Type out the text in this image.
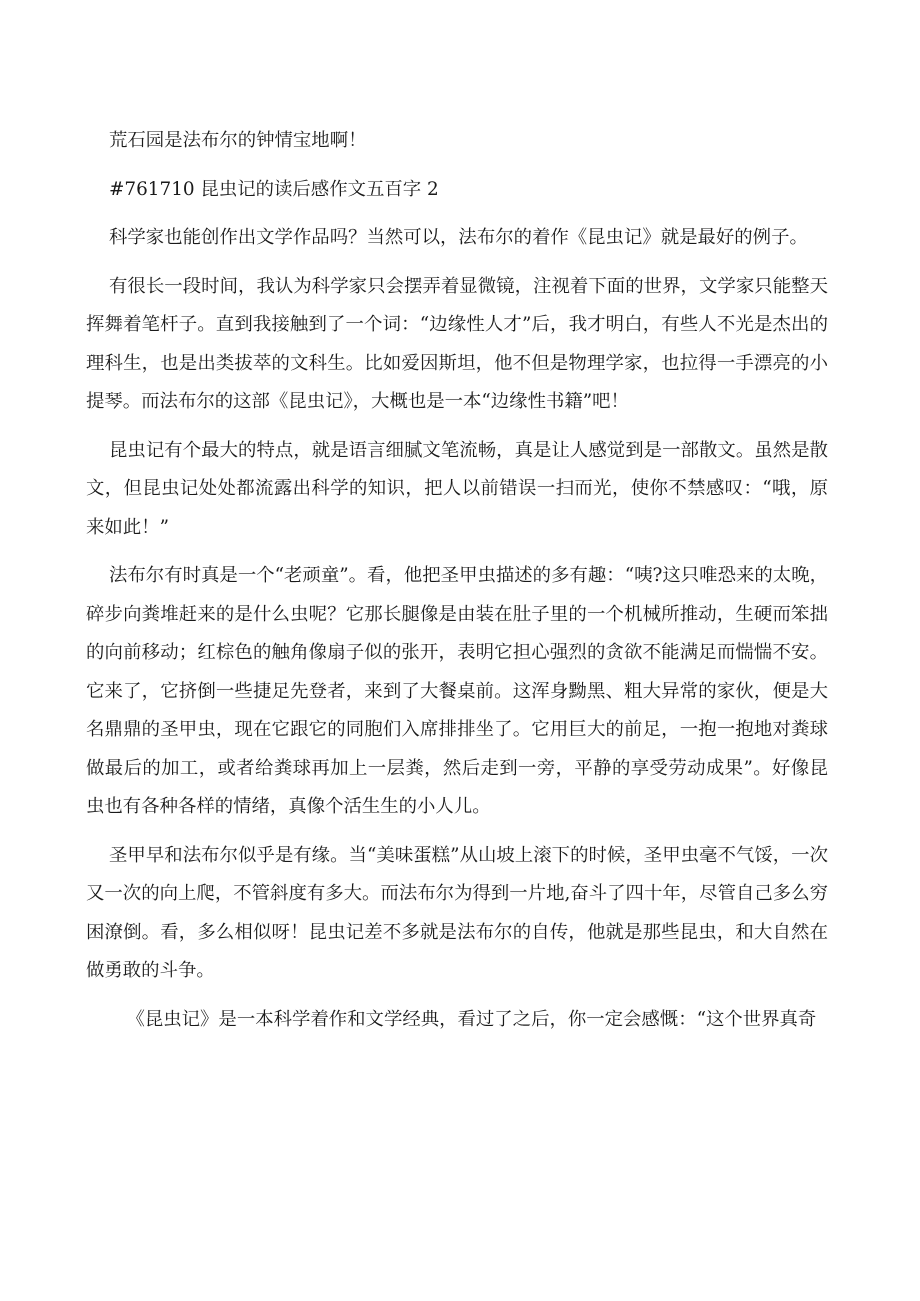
荒石园是法布尔的钟情宝地啊！

#761710 昆虫记的读后感作文五百字 2

科学家也能创作出文学作品吗？当然可以，法布尔的着作《昆虫记》就是最好的例子。

有很长一段时间，我认为科学家只会摆弄着显微镜，注视着下面的世界，文学家只能整天挥舞着笔杆子。直到我接触到了一个词：“边缘性人才”后，我才明白，有些人不光是杰出的理科生，也是出类拔萃的文科生。比如爱因斯坦，他不但是物理学家，也拉得一手漂亮的小提琴。而法布尔的这部《昆虫记》，大概也是一本“边缘性书籍”吧！

昆虫记有个最大的特点，就是语言细腻文笔流畅，真是让人感觉到是一部散文。虽然是散文，但昆虫记处处都流露出科学的知识，把人以前错误一扫而光，使你不禁感叹：“哦，原来如此！”

法布尔有时真是一个“老顽童”。看，他把圣甲虫描述的多有趣：“咦?这只唯恐来的太晚，碎步向粪堆赶来的是什么虫呢？它那长腿像是由装在肚子里的一个机械所推动，生硬而笨拙的向前移动；红棕色的触角像扇子似的张开，表明它担心强烈的贪欲不能满足而惴惴不安。它来了，它挤倒一些捷足先登者，来到了大餐桌前。这浑身黝黑、粗大异常的家伙，便是大名鼎鼎的圣甲虫，现在它跟它的同胞们入席排排坐了。它用巨大的前足，一抱一抱地对粪球做最后的加工，或者给粪球再加上一层粪，然后走到一旁，平静的享受劳动成果”。好像昆虫也有各种各样的情绪，真像个活生生的小人儿。

圣甲早和法布尔似乎是有缘。当“美味蛋糕”从山坡上滚下的时候，圣甲虫毫不气馁，一次又一次的向上爬，不管斜度有多大。而法布尔为得到一片地,奋斗了四十年，尽管自己多么穷困潦倒。看，多么相似呀！昆虫记差不多就是法布尔的自传，他就是那些昆虫，和大自然在做勇敢的斗争。

《昆虫记》是一本科学着作和文学经典，看过了之后，你一定会感慨：“这个世界真奇
